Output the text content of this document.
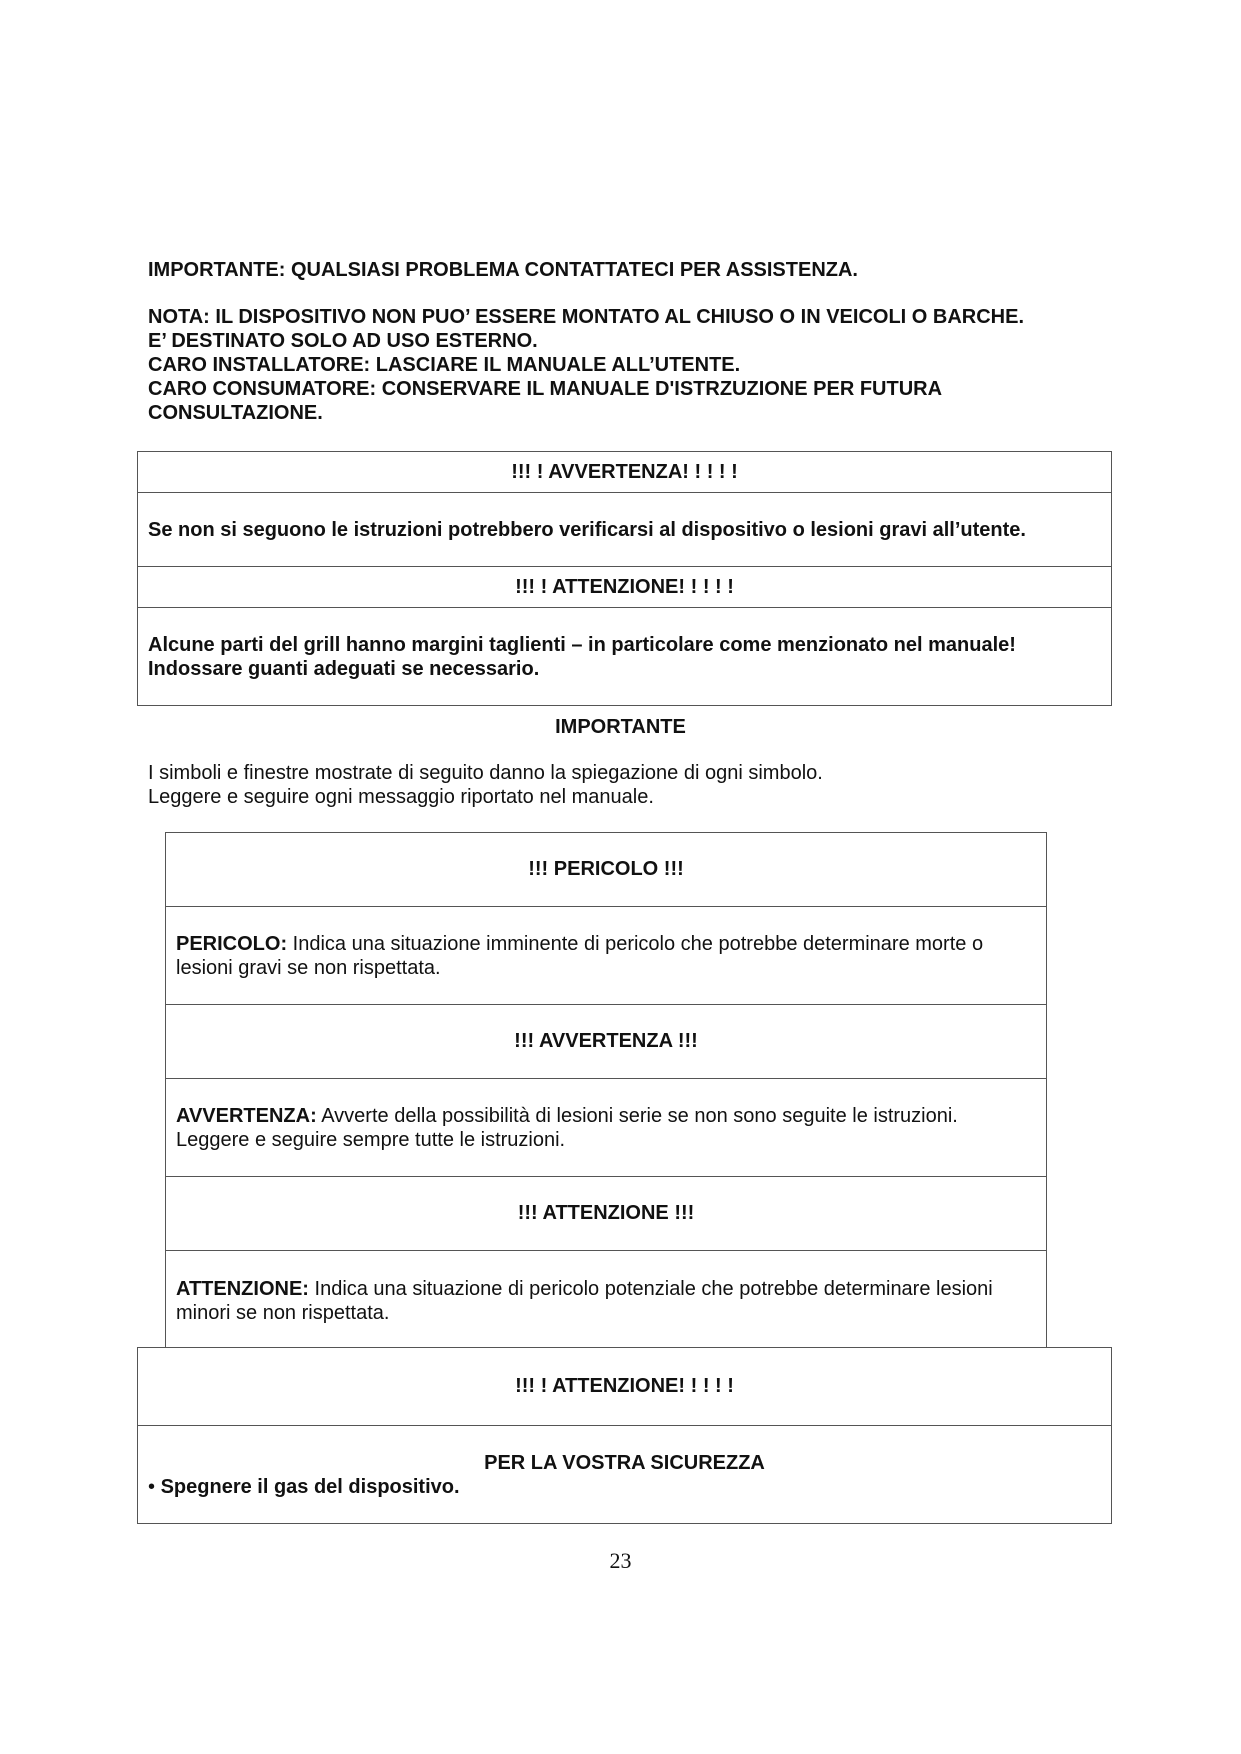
IMPORTANTE: QUALSIASI PROBLEMA CONTATTATECI PER ASSISTENZA.
NOTA: IL DISPOSITIVO NON PUO’ ESSERE MONTATO AL CHIUSO O IN VEICOLI O BARCHE.
E’ DESTINATO SOLO AD USO ESTERNO.
CARO INSTALLATORE: LASCIARE IL MANUALE ALL’UTENTE.
CARO CONSUMATORE: CONSERVARE IL MANUALE D'ISTRZUZIONE PER FUTURA
CONSULTAZIONE.
!!! ! AVVERTENZA! ! ! ! !
Se non si seguono le istruzioni potrebbero verificarsi al dispositivo o lesioni gravi all’utente.
!!! ! ATTENZIONE! ! ! ! !
Alcune parti del grill hanno margini taglienti – in particolare come menzionato nel manuale!
Indossare guanti adeguati se necessario.
IMPORTANTE
I simboli e finestre mostrate di seguito danno la spiegazione di ogni simbolo.
Leggere e seguire ogni messaggio riportato nel manuale.
!!! PERICOLO !!!
PERICOLO: Indica una situazione imminente di pericolo che potrebbe determinare morte o lesioni gravi se non rispettata.
!!! AVVERTENZA !!!
AVVERTENZA: Avverte della possibilità di lesioni serie se non sono seguite le istruzioni. Leggere e seguire sempre tutte le istruzioni.
!!! ATTENZIONE !!!
ATTENZIONE: Indica una situazione di pericolo potenziale che potrebbe determinare lesioni minori se non rispettata.
!!! ! ATTENZIONE! ! ! ! !
PER LA VOSTRA SICUREZZA
• Spegnere il gas del dispositivo.
23
